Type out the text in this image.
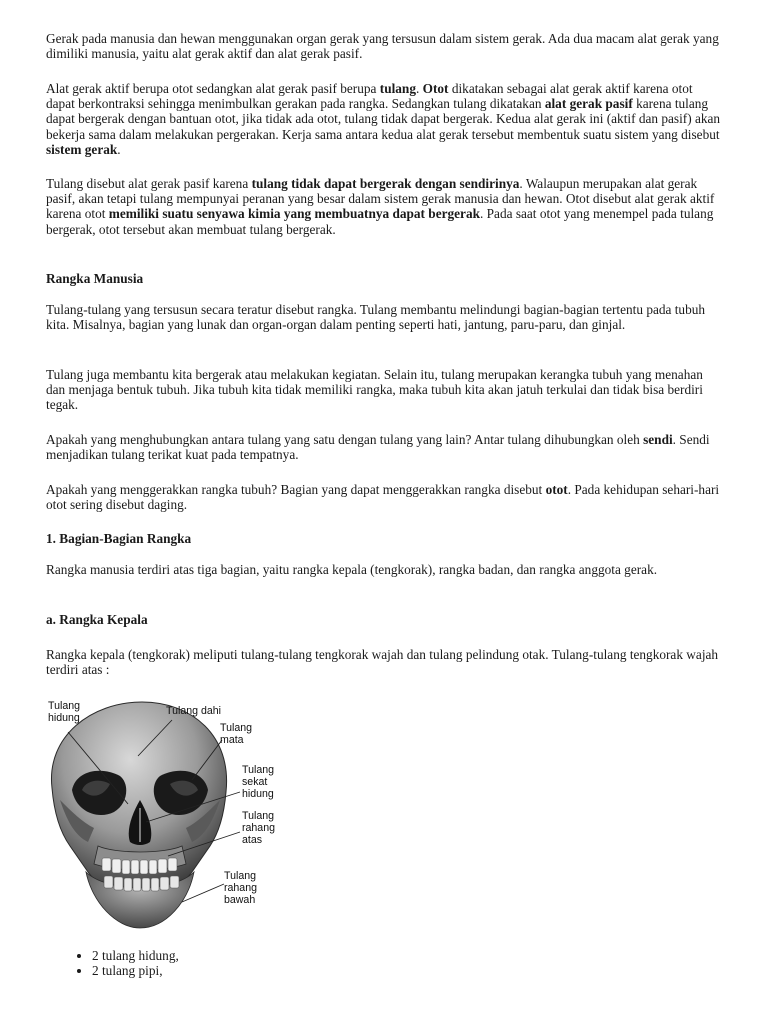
Gerak pada manusia dan hewan menggunakan organ gerak yang tersusun dalam sistem gerak. Ada dua macam alat gerak yang dimiliki manusia, yaitu alat gerak aktif dan alat gerak pasif.

Alat gerak aktif berupa otot sedangkan alat gerak pasif berupa tulang. Otot dikatakan sebagai alat gerak aktif karena otot dapat berkontraksi sehingga menimbulkan gerakan pada rangka. Sedangkan tulang dikatakan alat gerak pasif karena tulang dapat bergerak dengan bantuan otot, jika tidak ada otot, tulang tidak dapat bergerak. Kedua alat gerak ini (aktif dan pasif) akan bekerja sama dalam melakukan pergerakan. Kerja sama antara kedua alat gerak tersebut membentuk suatu sistem yang disebut sistem gerak.

Tulang disebut alat gerak pasif karena tulang tidak dapat bergerak dengan sendirinya. Walaupun merupakan alat gerak pasif, akan tetapi tulang mempunyai peranan yang besar dalam sistem gerak manusia dan hewan. Otot disebut alat gerak aktif karena otot memiliki suatu senyawa kimia yang membuatnya dapat bergerak. Pada saat otot yang menempel pada tulang bergerak, otot tersebut akan membuat tulang bergerak.

Rangka Manusia

Tulang-tulang yang tersusun secara teratur disebut rangka. Tulang membantu melindungi bagian-bagian tertentu pada tubuh kita. Misalnya, bagian yang lunak dan organ-organ dalam penting seperti hati, jantung, paru-paru, dan ginjal.

Tulang juga membantu kita bergerak atau melakukan kegiatan. Selain itu, tulang merupakan kerangka tubuh yang menahan dan menjaga bentuk tubuh. Jika tubuh kita tidak memiliki rangka, maka tubuh kita akan jatuh terkulai dan tidak bisa berdiri tegak.

Apakah yang menghubungkan antara tulang yang satu dengan tulang yang lain? Antar tulang dihubungkan oleh sendi. Sendi menjadikan tulang terikat kuat pada tempatnya.

Apakah yang menggerakkan rangka tubuh? Bagian yang dapat menggerakkan rangka disebut otot. Pada kehidupan sehari-hari otot sering disebut daging.

1. Bagian-Bagian Rangka

Rangka manusia terdiri atas tiga bagian, yaitu rangka kepala (tengkorak), rangka badan, dan rangka anggota gerak.

a. Rangka Kepala

Rangka kepala (tengkorak) meliputi tulang-tulang tengkorak wajah dan tulang pelindung otak. Tulang-tulang tengkorak wajah terdiri atas :

Tulang
hidung
Tulang dahi
Tulang
mata
Tulang
sekat
hidung
Tulang
rahang
atas
Tulang
rahang
bawah
• 2 tulang hidung,
• 2 tulang pipi,
